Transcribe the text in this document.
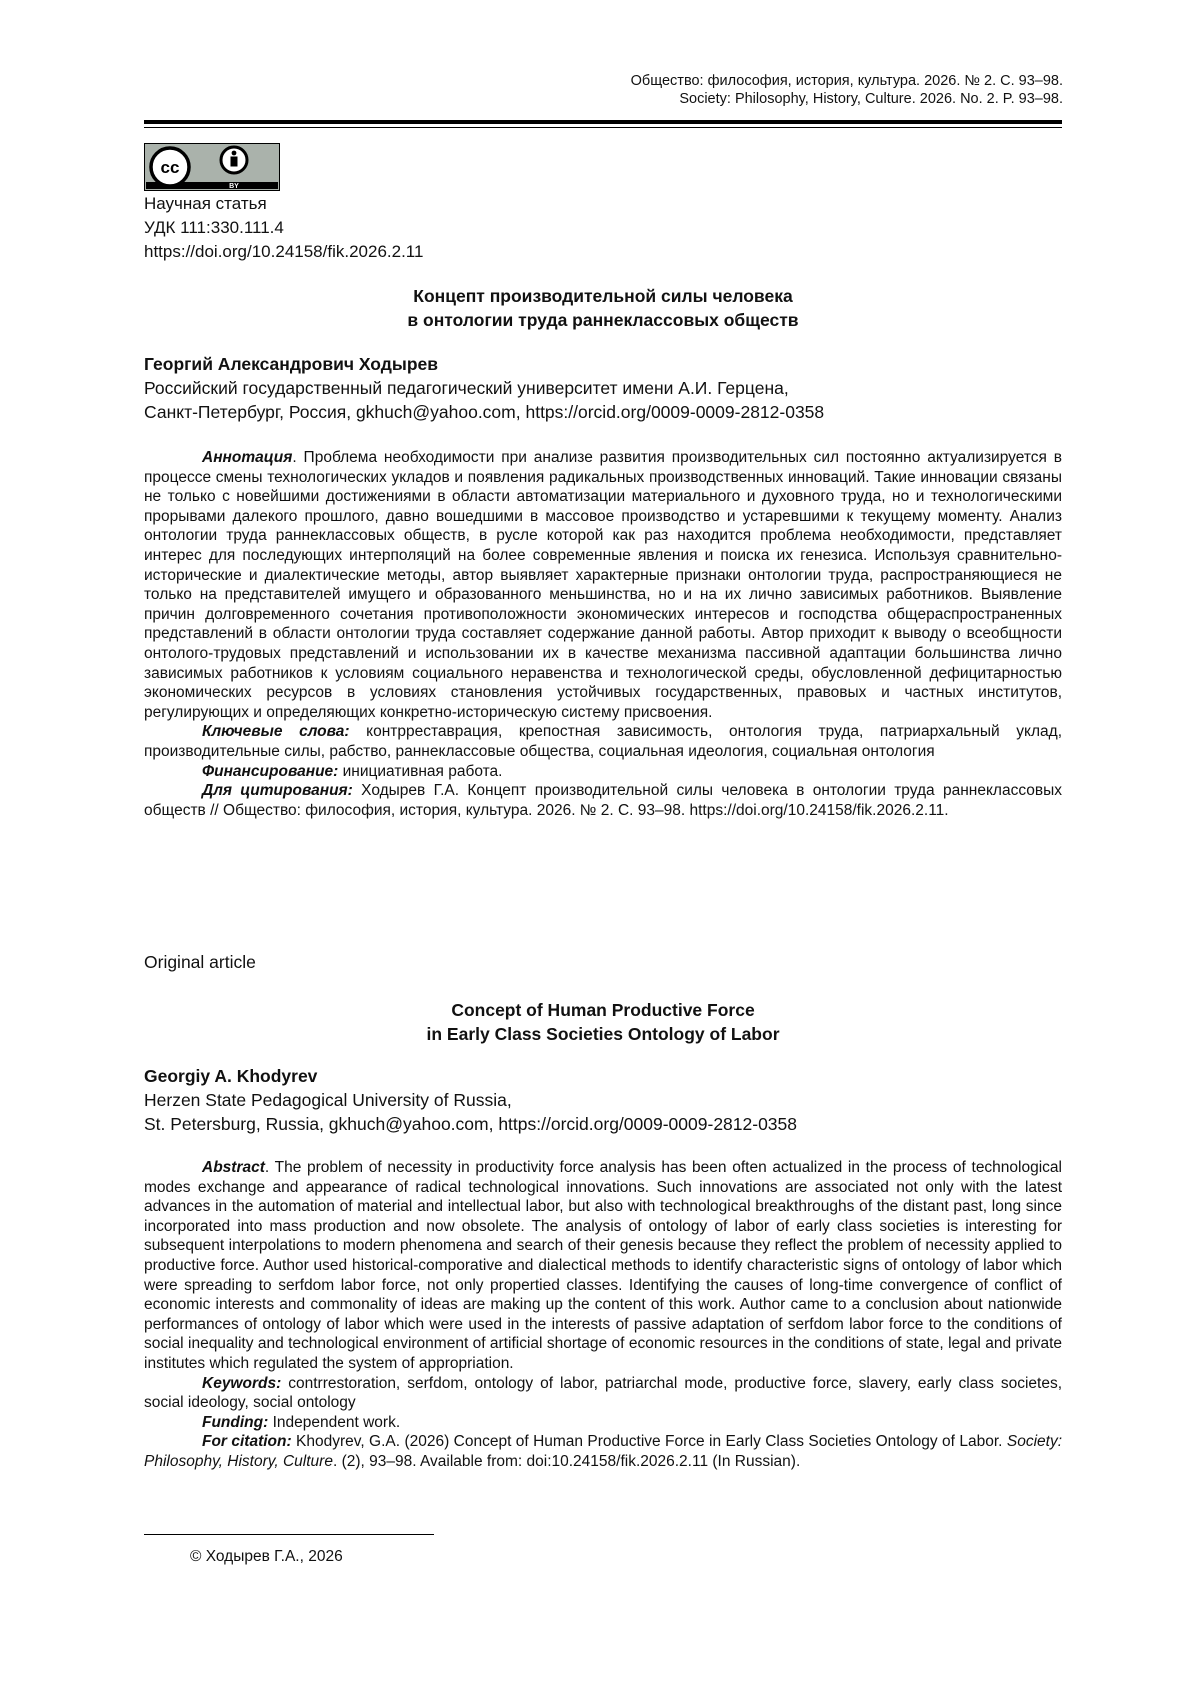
Общество: философия, история, культура. 2026. № 2. С. 93–98.
Society: Philosophy, History, Culture. 2026. No. 2. P. 93–98.
cc
BY
Научная статья
УДК 111:330.111.4
https://doi.org/10.24158/fik.2026.2.11
Концепт производительной силы человека
в онтологии труда раннеклассовых обществ
Георгий Александрович Ходырев
Российский государственный педагогический университет имени А.И. Герцена,
Санкт-Петербург, Россия, gkhuch@yahoo.com, https://orcid.org/0009-0009-2812-0358

Аннотация. Проблема необходимости при анализе развития производительных сил постоянно актуализируется в процессе смены технологических укладов и появления радикальных производственных инноваций. Такие инновации связаны не только с новейшими достижениями в области автоматизации материального и духовного труда, но и технологическими прорывами далекого прошлого, давно вошедшими в массовое производство и устаревшими к текущему моменту. Анализ онтологии труда раннеклассовых обществ, в русле которой как раз находится проблема необходимости, представляет интерес для последующих интерполяций на более современные явления и поиска их генезиса. Используя сравнительно-исторические и диалектические методы, автор выявляет характерные признаки онтологии труда, распространяющиеся не только на представителей имущего и образованного меньшинства, но и на их лично зависимых работников. Выявление причин долговременного сочетания противоположности экономических интересов и господства общераспространенных представлений в области онтологии труда составляет содержание данной работы. Автор приходит к выводу о всеобщности онтолого-трудовых представлений и использовании их в качестве механизма пассивной адаптации большинства лично зависимых работников к условиям социального неравенства и технологической среды, обусловленной дефицитарностью экономических ресурсов в условиях становления устойчивых государственных, правовых и частных институтов, регулирующих и определяющих конкретно-историческую систему присвоения.

Ключевые слова: контрреставрация, крепостная зависимость, онтология труда, патриархальный уклад, производительные силы, рабство, раннеклассовые общества, социальная идеология, социальная онтология

Финансирование: инициативная работа.

Для цитирования: Ходырев Г.А. Концепт производительной силы человека в онтологии труда раннеклассовых обществ // Общество: философия, история, культура. 2026. № 2. С. 93–98. https://doi.org/10.24158/fik.2026.2.11.

Original article
Concept of Human Productive Force
in Early Class Societies Ontology of Labor
Georgiy A. Khodyrev
Herzen State Pedagogical University of Russia,
St. Petersburg, Russia, gkhuch@yahoo.com, https://orcid.org/0009-0009-2812-0358

Abstract. The problem of necessity in productivity force analysis has been often actualized in the process of technological modes exchange and appearance of radical technological innovations. Such innovations are associated not only with the latest advances in the automation of material and intellectual labor, but also with technological breakthroughs of the distant past, long since incorporated into mass production and now obsolete. The analysis of ontology of labor of early class societies is interesting for subsequent interpolations to modern phenomena and search of their genesis because they reflect the problem of necessity applied to productive force. Author used historical-comporative and dialectical methods to identify characteristic signs of ontology of labor which were spreading to serfdom labor force, not only propertied classes. Identifying the causes of long-time convergence of conflict of economic interests and commonality of ideas are making up the content of this work. Author came to a conclusion about nationwide performances of ontology of labor which were used in the interests of passive adaptation of serfdom labor force to the conditions of social inequality and technological environment of artificial shortage of economic resources in the conditions of state, legal and private institutes which regulated the system of appropriation.

Keywords: contrrestoration, serfdom, ontology of labor, patriarchal mode, productive force, slavery, early class societes, social ideology, social ontology

Funding: Independent work.

For citation: Khodyrev, G.A. (2026) Concept of Human Productive Force in Early Class Societies Ontology of Labor. Society: Philosophy, History, Culture. (2), 93–98. Available from: doi:10.24158/fik.2026.2.11 (In Russian).

© Ходырев Г.А., 2026
